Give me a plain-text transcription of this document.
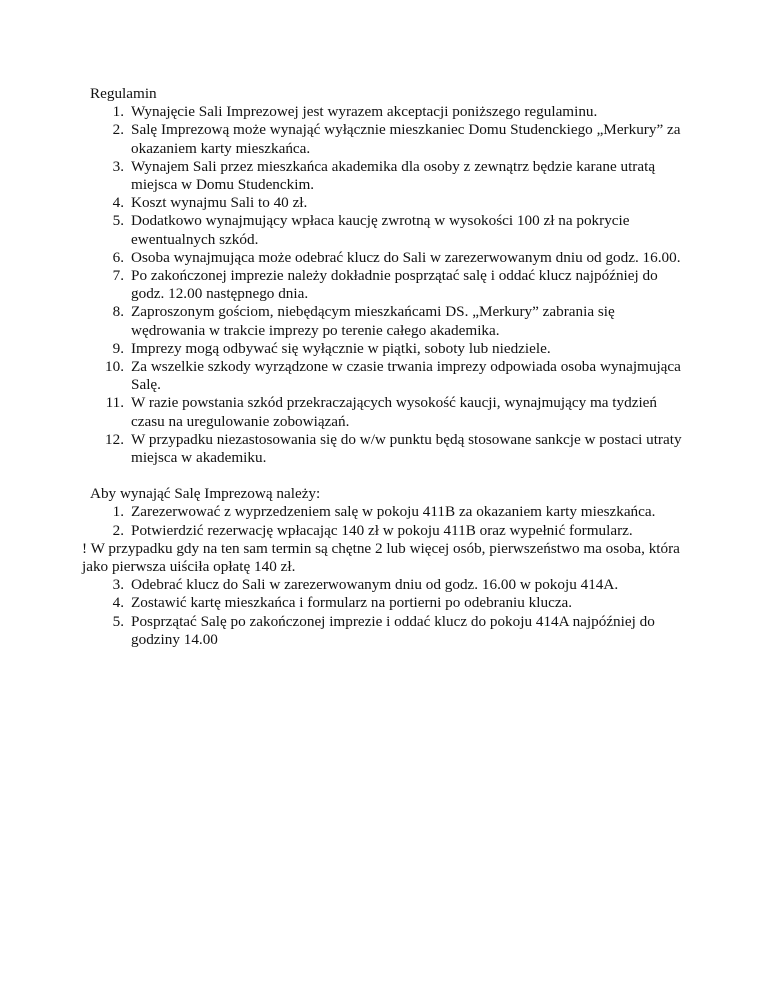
Regulamin

1. Wynajęcie Sali Imprezowej jest wyrazem akceptacji poniższego regulaminu.
2. Salę Imprezową może wynająć wyłącznie mieszkaniec Domu Studenckiego „Merkury” za okazaniem karty mieszkańca.
3. Wynajem Sali przez mieszkańca akademika dla osoby z zewnątrz będzie karane utratą miejsca w Domu Studenckim.
4. Koszt wynajmu Sali to 40 zł.
5. Dodatkowo wynajmujący wpłaca kaucję zwrotną w wysokości 100 zł na pokrycie ewentualnych szkód.
6. Osoba wynajmująca może odebrać klucz do Sali w zarezerwowanym dniu od godz. 16.00.
7. Po zakończonej imprezie należy dokładnie posprzątać salę i oddać klucz najpóźniej do godz. 12.00 następnego dnia.
8. Zaproszonym gościom, niebędącym mieszkańcami DS. „Merkury” zabrania się wędrowania w trakcie imprezy po terenie całego akademika.
9. Imprezy mogą odbywać się wyłącznie w piątki, soboty lub niedziele.
10. Za wszelkie szkody wyrządzone w czasie trwania imprezy odpowiada osoba wynajmująca Salę.
11. W razie powstania szkód przekraczających wysokość kaucji, wynajmujący ma tydzień czasu na uregulowanie zobowiązań.
12. W przypadku niezastosowania się do w/w punktu będą stosowane sankcje w postaci utraty miejsca w akademiku.

Aby wynająć Salę Imprezową należy:

1. Zarezerwować z wyprzedzeniem salę w pokoju 411B za okazaniem karty mieszkańca.
2. Potwierdzić rezerwację wpłacając 140 zł w pokoju 411B oraz wypełnić formularz.

! W przypadku gdy na ten sam termin są chętne 2 lub więcej osób, pierwszeństwo ma osoba, która jako pierwsza uiściła opłatę 140 zł.

3. Odebrać klucz do Sali w zarezerwowanym dniu od godz. 16.00 w pokoju 414A.
4. Zostawić kartę mieszkańca i formularz na portierni po odebraniu klucza.
5. Posprzątać Salę po zakończonej imprezie i oddać klucz do pokoju 414A najpóźniej do godziny 14.00
